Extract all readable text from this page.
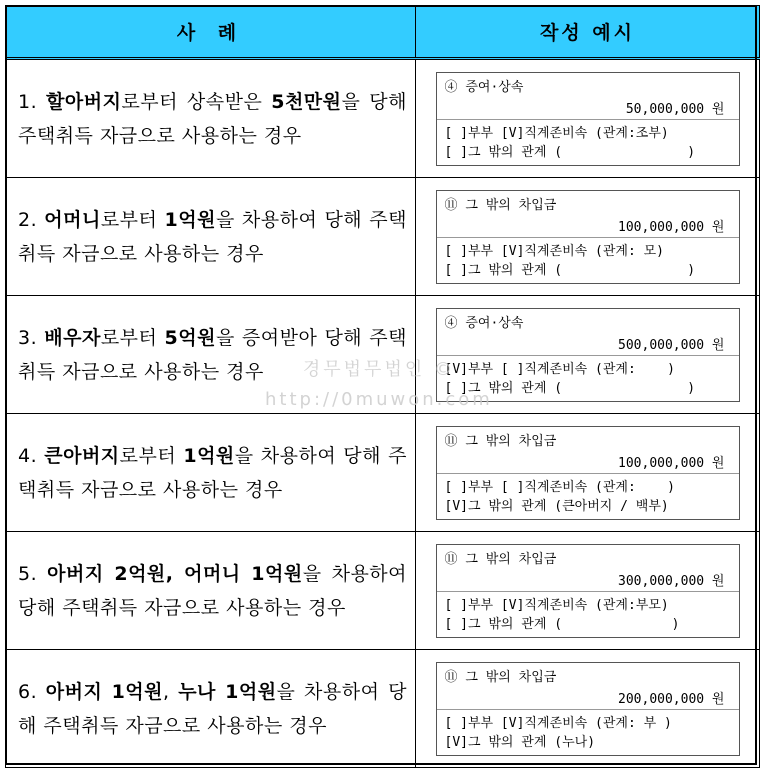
사 례	작성 예시

1. 할아버지로부터 상속받은 5천만원을 당해 주택취득 자금으로 사용하는 경우	④ 증여·상속
50,000,000 원
[ ]부부 [V]직계존비속 (관계:조부)
[ ]그 밖의 관계 (                )

2. 어머니로부터 1억원을 차용하여 당해 주택취득 자금으로 사용하는 경우	⑪ 그 밖의 차입금
100,000,000 원
[ ]부부 [V]직계존비속 (관계: 모)
[ ]그 밖의 관계 (                )

3. 배우자로부터 5억원을 증여받아 당해 주택취득 자금으로 사용하는 경우	④ 증여·상속
500,000,000 원
[V]부부 [ ]직계존비속 (관계:    )
[ ]그 밖의 관계 (                )

4. 큰아버지로부터 1억원을 차용하여 당해 주택취득 자금으로 사용하는 경우	⑪ 그 밖의 차입금
100,000,000 원
[ ]부부 [ ]직계존비속 (관계:    )
[V]그 밖의 관계 (큰아버지 / 백부)

5. 아버지 2억원, 어머니 1억원을 차용하여 당해 주택취득 자금으로 사용하는 경우	⑪ 그 밖의 차입금
300,000,000 원
[ ]부부 [V]직계존비속 (관계:부모)
[ ]그 밖의 관계 (              )

6. 아버지 1억원, 누나 1억원을 차용하여 당해 주택취득 자금으로 사용하는 경우	⑪ 그 밖의 차입금
200,000,000 원
[ ]부부 [V]직계존비속 (관계: 부 )
[V]그 밖의 관계 (누나)
경무법무법인 ©
http://0muwon.com
